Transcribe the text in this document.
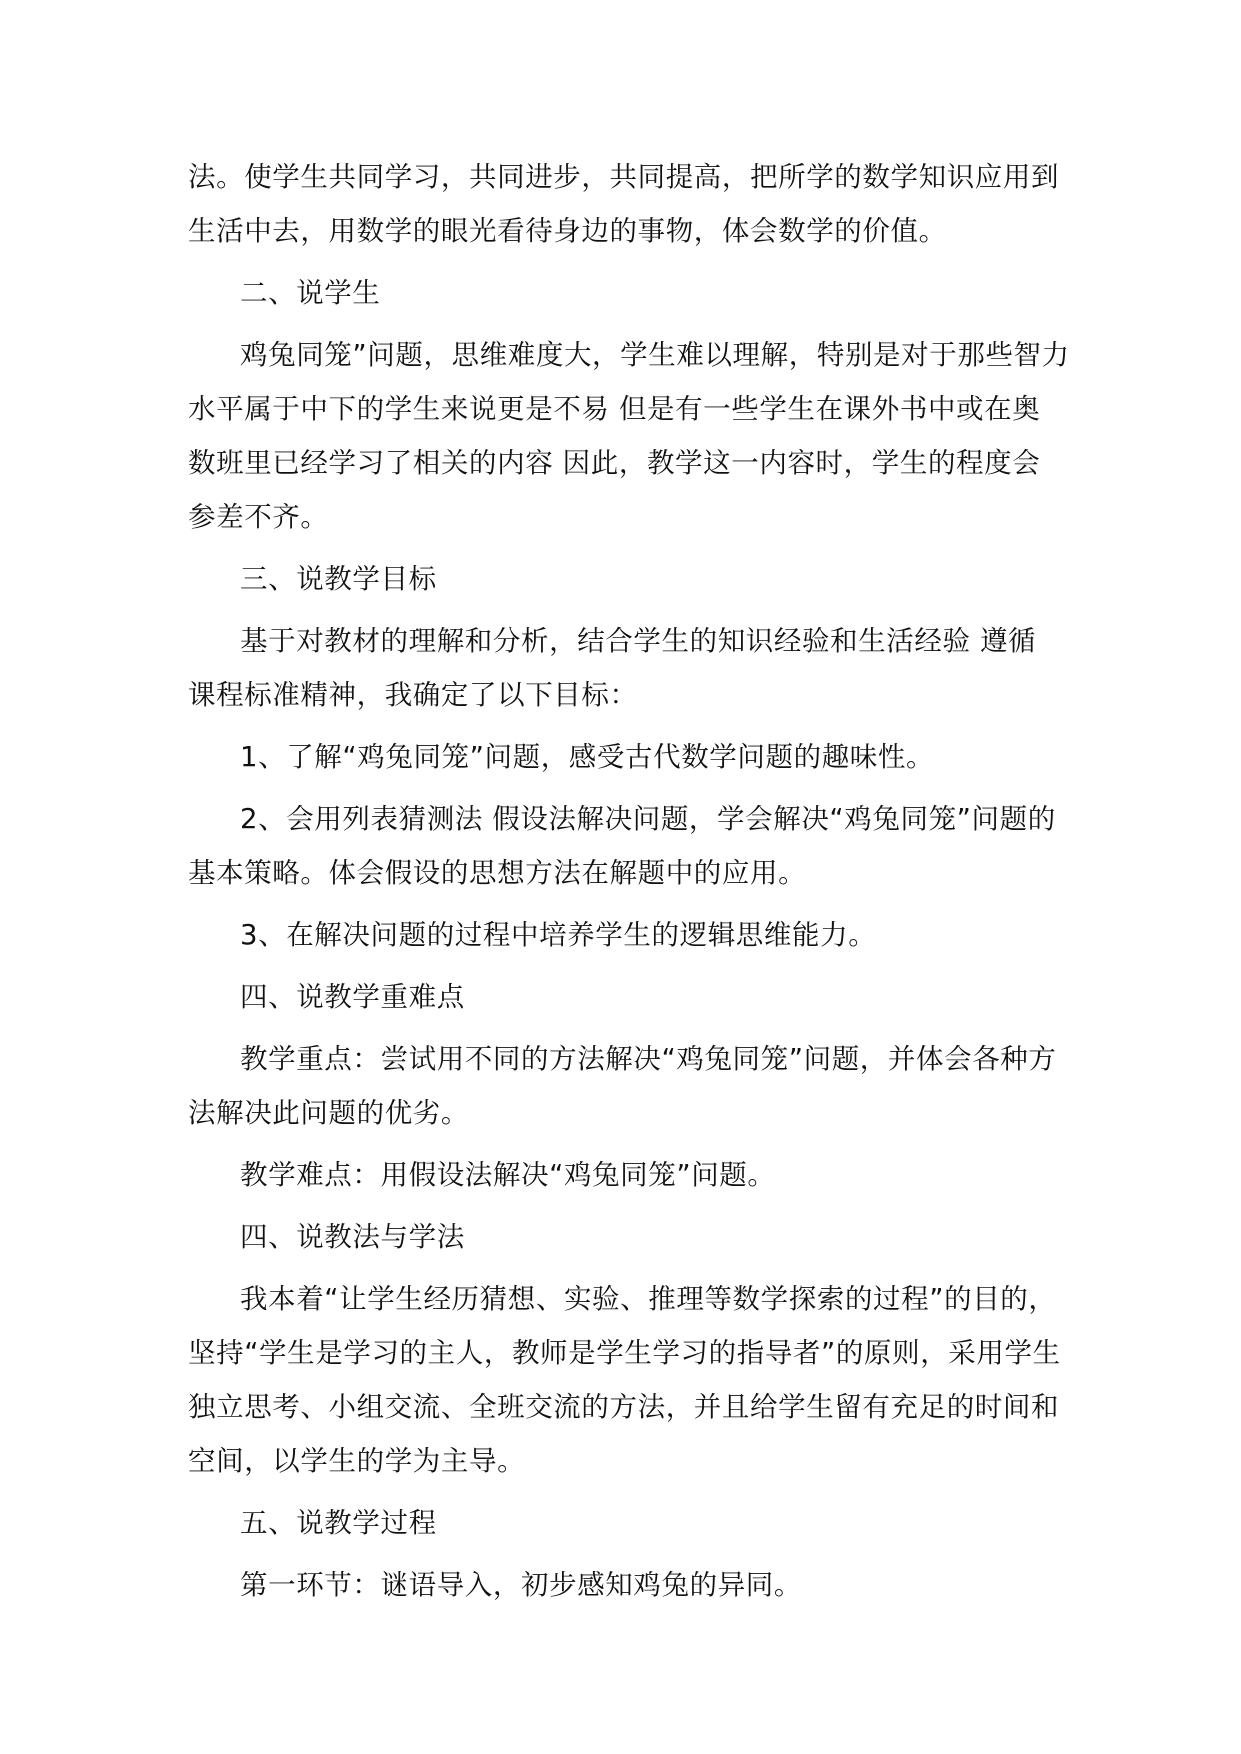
法。使学生共同学习，共同进步，共同提高，把所学的数学知识应用到
生活中去，用数学的眼光看待身边的事物，体会数学的价值。
二、说学生
鸡兔同笼”问题，思维难度大，学生难以理解，特别是对于那些智力
水平属于中下的学生来说更是不易 但是有一些学生在课外书中或在奥
数班里已经学习了相关的内容 因此，教学这一内容时，学生的程度会
参差不齐。
三、说教学目标
基于对教材的理解和分析，结合学生的知识经验和生活经验 遵循
课程标准精神，我确定了以下目标：
1、了解“鸡兔同笼”问题，感受古代数学问题的趣味性。
2、会用列表猜测法 假设法解决问题，学会解决“鸡兔同笼”问题的
基本策略。体会假设的思想方法在解题中的应用。
3、在解决问题的过程中培养学生的逻辑思维能力。
四、说教学重难点
教学重点：尝试用不同的方法解决“鸡兔同笼”问题，并体会各种方
法解决此问题的优劣。
教学难点：用假设法解决“鸡兔同笼”问题。
四、说教法与学法
我本着“让学生经历猜想、实验、推理等数学探索的过程”的目的，
坚持“学生是学习的主人，教师是学生学习的指导者”的原则，采用学生
独立思考、小组交流、全班交流的方法，并且给学生留有充足的时间和
空间，以学生的学为主导。
五、说教学过程
第一环节：谜语导入，初步感知鸡兔的异同。
